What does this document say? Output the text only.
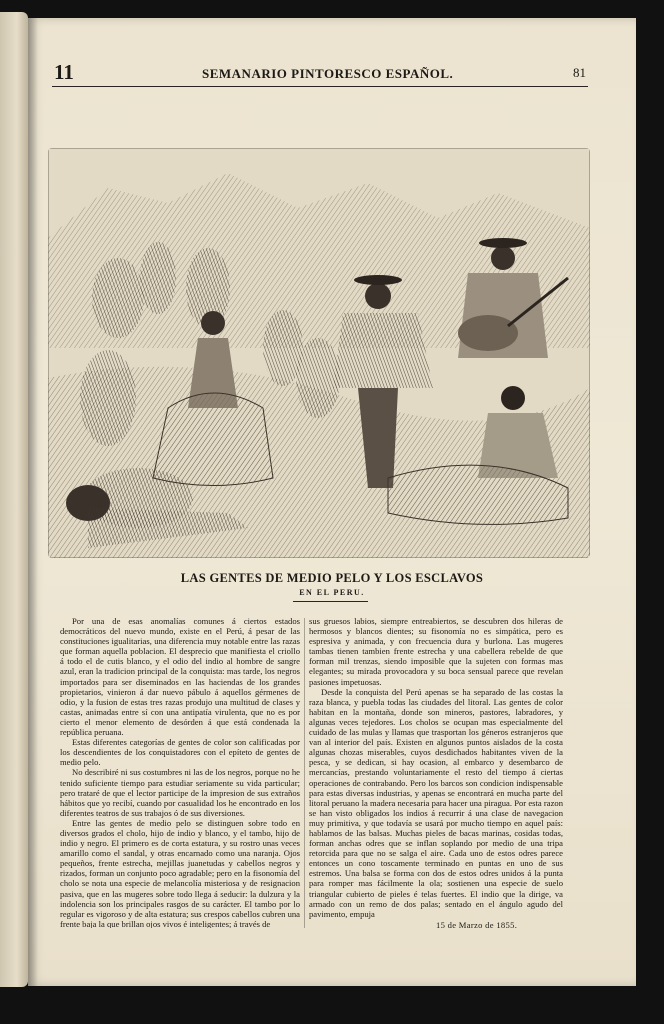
11	SEMANARIO PINTORESCO ESPAÑOL.	81
LAS GENTES DE MEDIO PELO Y LOS ESCLAVOS
EN EL PERU.

Por una de esas anomalías comunes á ciertos estados democráticos del nuevo mundo, existe en el Perú, á pesar de las constituciones igualitarias, una diferencia muy notable entre las razas que forman aquella poblacion. El desprecio que manifiesta el criollo á todo el de cutis blanco, y el odio del indio al hombre de sangre azul, eran la tradicion principal de la conquista: mas tarde, los negros importados para ser diseminados en las haciendas de los grandes propietarios, vinieron á dar nuevo pábulo á aquellos gérmenes de odio, y la fusion de estas tres razas produjo una multitud de clases y castas, animadas entre sí con una antipatía virulenta, que no es por cierto el menor elemento de desórden á que está condenada la república peruana.

Estas diferentes categorías de gentes de color son calificadas por los descendientes de los conquistadores con el epíteto de gentes de medio pelo.

No describiré ni sus costumbres ni las de los negros, porque no he tenido suficiente tiempo para estudiar seriamente su vida particular; pero trataré de que el lector participe de la impresion de sus extraños hábitos que yo recibí, cuando por casualidad los he encontrado en los diferentes teatros de sus trabajos ó de sus diversiones.

Entre las gentes de medio pelo se distinguen sobre todo en diversos grados el cholo, hijo de indio y blanco, y el tambo, hijo de indio y negro. El primero es de corta estatura, y su rostro unas veces amarillo como el sandal, y otras encarnado como una naranja. Ojos pequeños, frente estrecha, mejillas juanetudas y cabellos negros y rizados, forman un conjunto poco agradable; pero en la fisonomía del cholo se nota una especie de melancolía misteriosa y de resignacion pasiva, que en las mugeres sobre todo llega á seducir: la dulzura y la indolencia son los principales rasgos de su carácter. El tambo por lo regular es vigoroso y de alta estatura; sus crespos cabellos cubren una frente baja la que brillan ojos vivos é inteligentes; á través de

sus gruesos labios, siempre entreabiertos, se descubren dos hileras de hermosos y blancos dientes; su fisonomía no es simpática, pero es espresiva y animada, y con frecuencia dura y burlona. Las mugeres tambas tienen tambien frente estrecha y una cabellera rebelde de que forman mil trenzas, siendo imposible que la sujeten con formas mas elegantes; su mirada provocadora y su boca sensual parece que revelan pasiones impetuosas.

Desde la conquista del Perú apenas se ha separado de las costas la raza blanca, y puebla todas las ciudades del litoral. Las gentes de color habitan en la montaña, donde son mineros, pastores, labradores, y algunas veces tejedores. Los cholos se ocupan mas especialmente del cuidado de las mulas y llamas que trasportan los géneros estranjeros que van al interior del país. Existen en algunos puntos aislados de la costa algunas chozas miserables, cuyos desdichados habitantes viven de la pesca, y se dedican, si hay ocasion, al embarco y desembarco de mercancías, prestando voluntariamente el resto del tiempo á ciertas operaciones de contrabando. Pero los barcos son condicion indispensable para estas diversas industrias, y apenas se encontrará en mucha parte del litoral peruano la madera necesaria para hacer una piragua. Por esta razon se han visto obligados los indios á recurrir á una clase de navegacion muy primitiva, y que todavía se usará por mucho tiempo en aquel país: hablamos de las balsas. Muchas pieles de bacas marinas, cosidas todas, forman anchas odres que se inflan soplando por medio de una tripa retorcida para que no se salga el aire. Cada uno de estos odres parece entonces un cono toscamente terminado en puntas en uno de sus estremos. Una balsa se forma con dos de estos odres unidos á la punta para romper mas fácilmente la ola; sostienen una especie de suelo triangular cubierto de pieles é telas fuertes. El indio que la dirige, va armado con un remo de dos palas; sentado en el ángulo agudo del pavimento, empuja

15 de Marzo de 1855.
